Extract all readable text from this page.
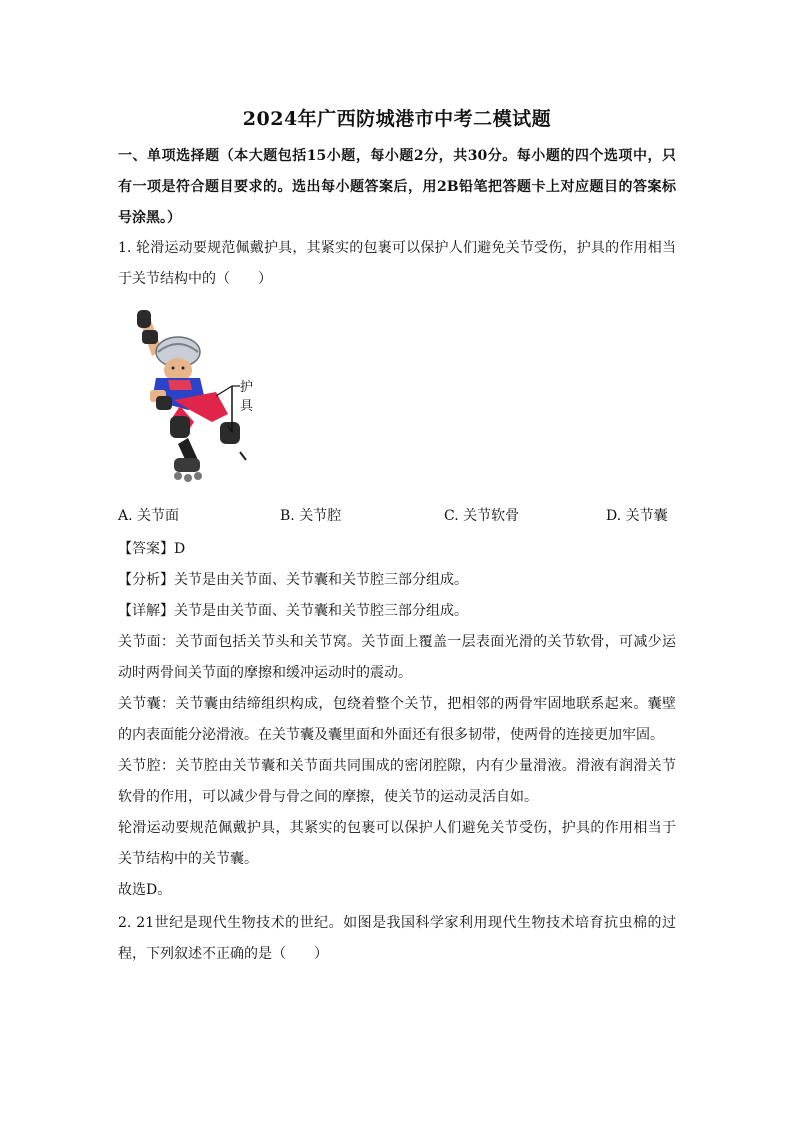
2024年广西防城港市中考二模试题
一、单项选择题（本大题包括15小题，每小题2分，共30分。每小题的四个选项中，只
有一项是符合题目要求的。选出每小题答案后，用2B铅笔把答题卡上对应题目的答案标
号涂黑。）
1. 轮滑运动要规范佩戴护具，其紧实的包裹可以保护人们避免关节受伤，护具的作用相当
于关节结构中的（　　）
护具
A. 关节面	B. 关节腔	C. 关节软骨	D. 关节囊
【答案】D
【分析】关节是由关节面、关节囊和关节腔三部分组成。
【详解】关节是由关节面、关节囊和关节腔三部分组成。
关节面：关节面包括关节头和关节窝。关节面上覆盖一层表面光滑的关节软骨，可减少运
动时两骨间关节面的摩擦和缓冲运动时的震动。
关节囊：关节囊由结缔组织构成，包绕着整个关节，把相邻的两骨牢固地联系起来。囊壁
的内表面能分泌滑液。在关节囊及囊里面和外面还有很多韧带，使两骨的连接更加牢固。
关节腔：关节腔由关节囊和关节面共同围成的密闭腔隙，内有少量滑液。滑液有润滑关节
软骨的作用，可以减少骨与骨之间的摩擦，使关节的运动灵活自如。
轮滑运动要规范佩戴护具，其紧实的包裹可以保护人们避免关节受伤，护具的作用相当于
关节结构中的关节囊。
故选D。
2. 21世纪是现代生物技术的世纪。如图是我国科学家利用现代生物技术培育抗虫棉的过
程，下列叙述不正确的是（　　）
